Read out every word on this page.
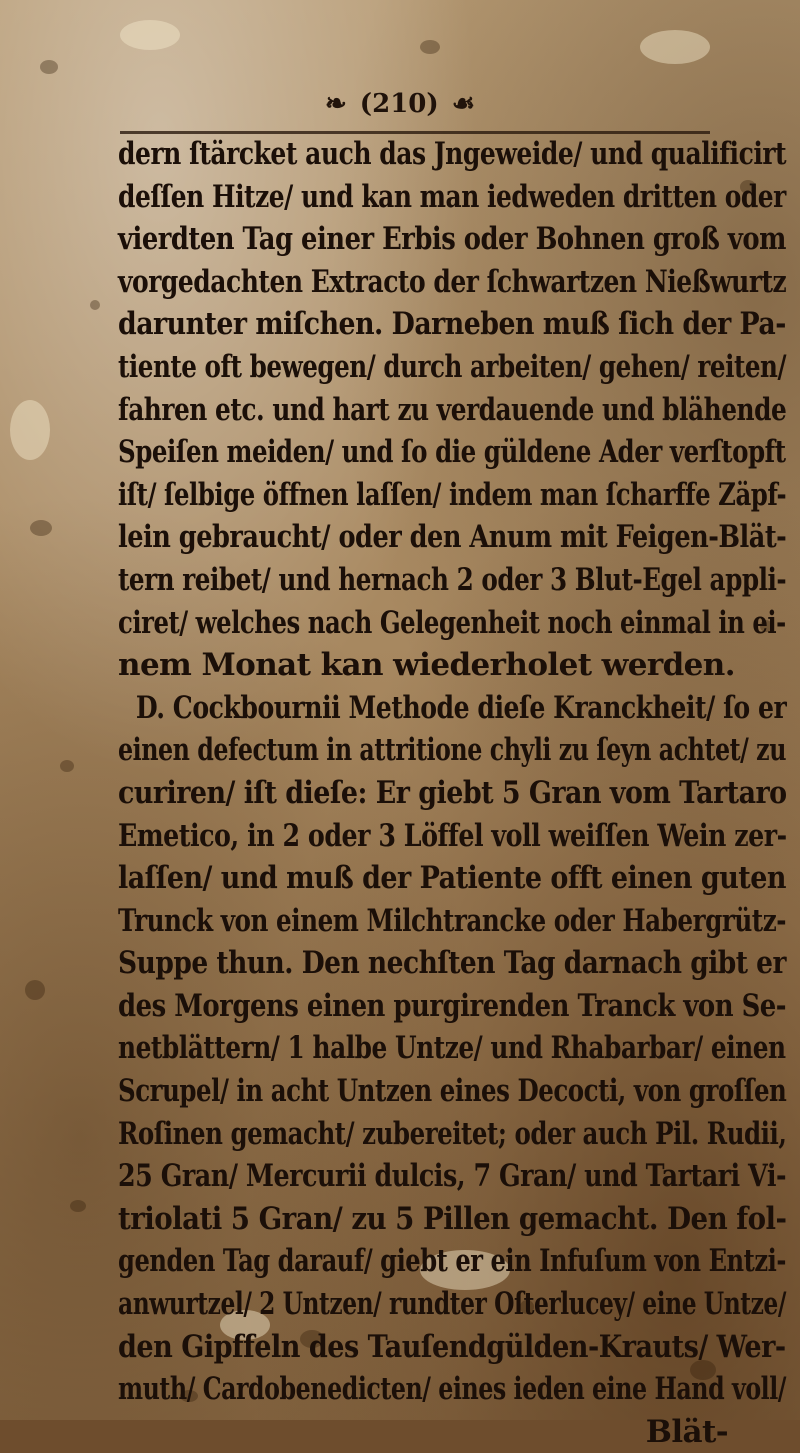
❧ (210) ☙
dern ſtärcket auch das Jngeweide/ und qualificirt
deſſen Hitze/ und kan man iedweden dritten oder
vierdten Tag einer Erbis oder Bohnen groß vom
vorgedachten Extracto der ſchwartzen Nießwurtz
darunter miſchen. Darneben muß ſich der Pa-
tiente oft bewegen/ durch arbeiten/ gehen/ reiten/
fahren etc. und hart zu verdauende und blähende
Speiſen meiden/ und ſo die güldene Ader verſtopft
iſt/ ſelbige öffnen laſſen/ indem man ſcharffe Zäpf-
lein gebraucht/ oder den Anum mit Feigen-Blät-
tern reibet/ und hernach 2 oder 3 Blut-Egel appli-
ciret/ welches nach Gelegenheit noch einmal in ei-
nem Monat kan wiederholet werden.
D. Cockbournii Methode dieſe Kranckheit/ ſo er
einen defectum in attritione chyli zu ſeyn achtet/ zu
curiren/ iſt dieſe: Er giebt 5 Gran vom Tartaro
Emetico, in 2 oder 3 Löffel voll weiſſen Wein zer-
laſſen/ und muß der Patiente offt einen guten
Trunck von einem Milchtrancke oder Habergrütz-
Suppe thun. Den nechſten Tag darnach gibt er
des Morgens einen purgirenden Tranck von Se-
netblättern/ 1 halbe Untze/ und Rhabarbar/ einen
Scrupel/ in acht Untzen eines Decocti, von groſſen
Roſinen gemacht/ zubereitet; oder auch Pil. Rudii,
25 Gran/ Mercurii dulcis, 7 Gran/ und Tartari Vi-
triolati 5 Gran/ zu 5 Pillen gemacht. Den fol-
genden Tag darauf/ giebt er ein Infuſum von Entzi-
anwurtzel/ 2 Untzen/ rundter Oſterlucey/ eine Untze/
den Gipffeln des Tauſendgülden-Krauts/ Wer-
muth/ Cardobenedicten/ eines ieden eine Hand voll/
Blät-
